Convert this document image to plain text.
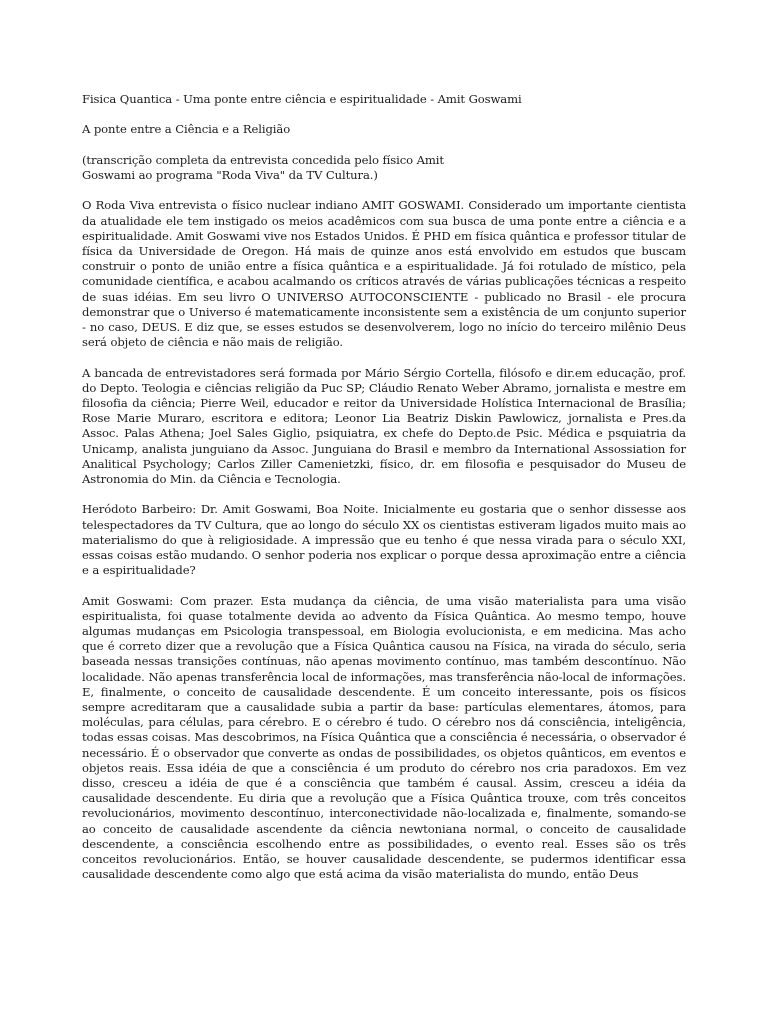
Fisica Quantica - Uma ponte entre ciência e espiritualidade - Amit Goswami

A ponte entre a Ciência e a Religião

(transcrição completa da entrevista concedida pelo físico Amit Goswami ao programa "Roda Viva" da TV Cultura.)

O Roda Viva entrevista o físico nuclear indiano AMIT GOSWAMI. Considerado um importante cientista da atualidade ele tem instigado os meios acadêmicos com sua busca de uma ponte entre a ciência e a espiritualidade. Amit Goswami vive nos Estados Unidos. É PHD em física quântica e professor titular de física da Universidade de Oregon. Há mais de quinze anos está envolvido em estudos que buscam construir o ponto de união entre a física quântica e a espiritualidade. Já foi rotulado de místico, pela comunidade científica, e acabou acalmando os críticos através de várias publicações técnicas a respeito de suas idéias. Em seu livro O UNIVERSO AUTOCONSCIENTE - publicado no Brasil - ele procura demonstrar que o Universo é matematicamente inconsistente sem a existência de um conjunto superior - no caso, DEUS. E diz que, se esses estudos se desenvolverem, logo no início do terceiro milênio Deus será objeto de ciência e não mais de religião.

A bancada de entrevistadores será formada por Mário Sérgio Cortella, filósofo e dir.em educação, prof. do Depto. Teologia e ciências religião da Puc SP; Cláudio Renato Weber Abramo, jornalista e mestre em filosofia da ciência; Pierre Weil, educador e reitor da Universidade Holística Internacional de Brasília; Rose Marie Muraro, escritora e editora; Leonor Lia Beatriz Diskin Pawlowicz, jornalista e Pres.da Assoc. Palas Athena; Joel Sales Giglio, psiquiatra, ex chefe do Depto.de Psic. Médica e psquiatria da Unicamp, analista junguiano da Assoc. Junguiana do Brasil e membro da International Assossiation for Analitical Psychology; Carlos Ziller Camenietzki, físico, dr. em filosofia e pesquisador do Museu de Astronomia do Min. da Ciência e Tecnologia.

Heródoto Barbeiro: Dr. Amit Goswami, Boa Noite. Inicialmente eu gostaria que o senhor dissesse aos telespectadores da TV Cultura, que ao longo do século XX os cientistas estiveram ligados muito mais ao materialismo do que à religiosidade. A impressão que eu tenho é que nessa virada para o século XXI, essas coisas estão mudando. O senhor poderia nos explicar o porque dessa aproximação entre a ciência e a espiritualidade?

Amit Goswami: Com prazer. Esta mudança da ciência, de uma visão materialista para uma visão espiritualista, foi quase totalmente devida ao advento da Física Quântica. Ao mesmo tempo, houve algumas mudanças em Psicologia transpessoal, em Biologia evolucionista, e em medicina. Mas acho que é correto dizer que a revolução que a Física Quântica causou na Física, na virada do século, seria baseada nessas transições contínuas, não apenas movimento contínuo, mas também descontínuo. Não localidade. Não apenas transferência local de informações, mas transferência não-local de informações. E, finalmente, o conceito de causalidade descendente. É um conceito interessante, pois os físicos sempre acreditaram que a causalidade subia a partir da base: partículas elementares, átomos, para moléculas, para células, para cérebro. E o cérebro é tudo. O cérebro nos dá consciência, inteligência, todas essas coisas. Mas descobrimos, na Física Quântica que a consciência é necessária, o observador é necessário. É o observador que converte as ondas de possibilidades, os objetos quânticos, em eventos e objetos reais. Essa idéia de que a consciência é um produto do cérebro nos cria paradoxos. Em vez disso, cresceu a idéia de que é a consciência que também é causal. Assim, cresceu a idéia da causalidade descendente. Eu diria que a revolução que a Física Quântica trouxe, com três conceitos revolucionários, movimento descontínuo, interconectividade não-localizada e, finalmente, somando-se ao conceito de causalidade ascendente da ciência newtoniana normal, o conceito de causalidade descendente, a consciência escolhendo entre as possibilidades, o evento real. Esses são os três conceitos revolucionários. Então, se houver causalidade descendente, se pudermos identificar essa causalidade descendente como algo que está acima da visão materialista do mundo, então Deus
